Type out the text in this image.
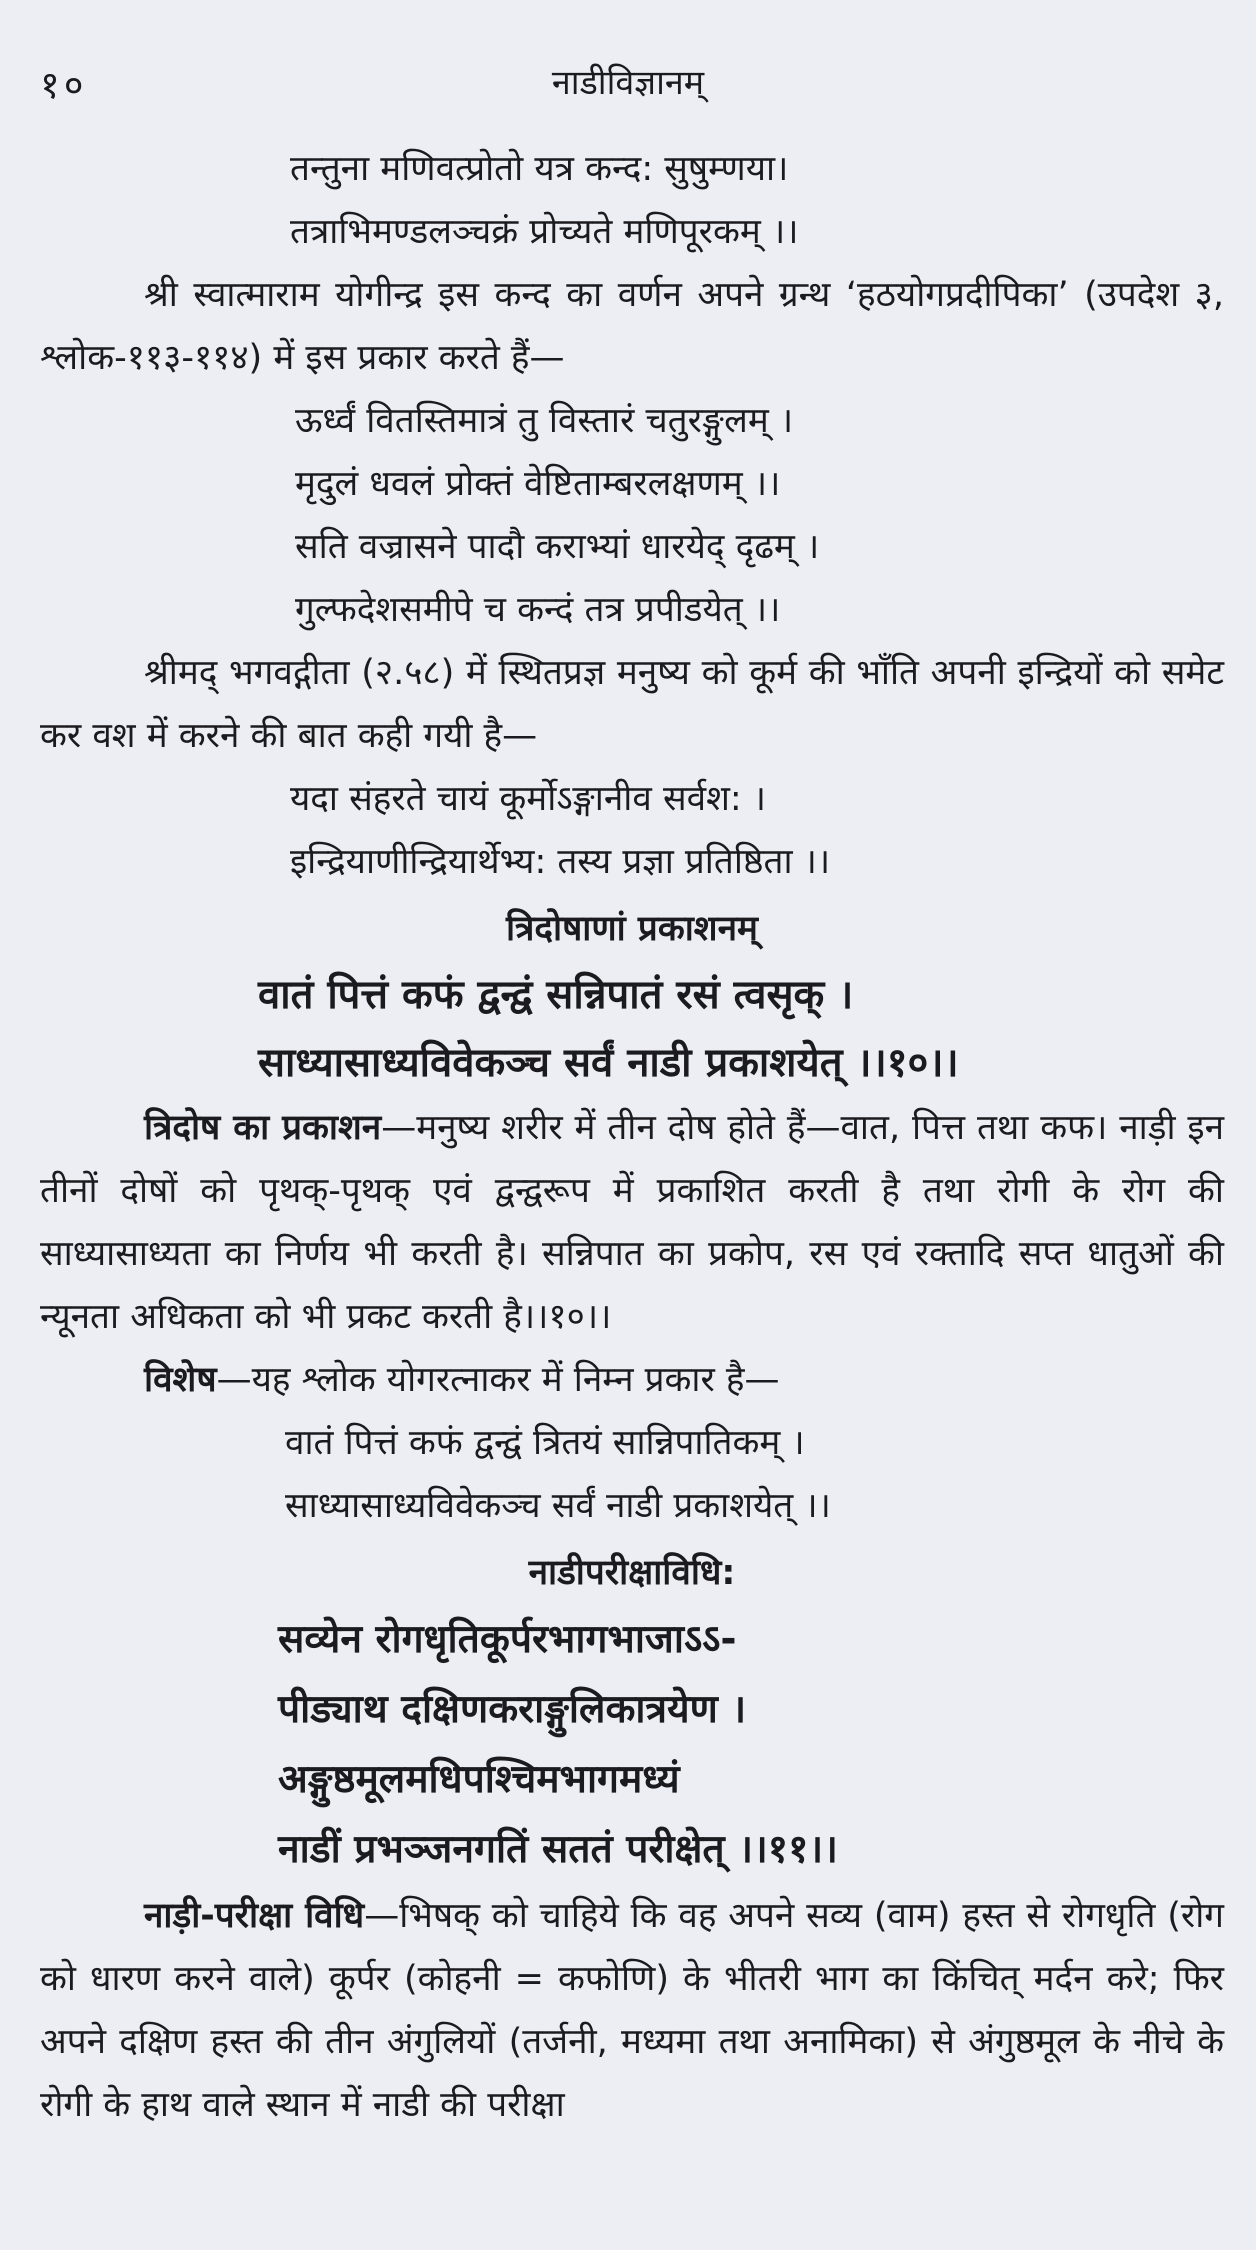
१०	नाडीविज्ञानम्
तन्तुना मणिवत्प्रोतो यत्र कन्द: सुषुम्णया।
तत्राभिमण्डलञ्चक्रं प्रोच्यते मणिपूरकम् ।।

श्री स्वात्माराम योगीन्द्र इस कन्द का वर्णन अपने ग्रन्थ ‘हठयोगप्रदीपिका’ (उपदेश ३, श्लोक-११३-११४) में इस प्रकार करते हैं—

ऊर्ध्वं वितस्तिमात्रं तु विस्तारं चतुरङ्गुलम् ।
मृदुलं धवलं प्रोक्तं वेष्टिताम्बरलक्षणम् ।।
सति वज्रासने पादौ कराभ्यां धारयेद् दृढम् ।
गुल्फदेशसमीपे च कन्दं तत्र प्रपीडयेत् ।।

श्रीमद् भगवद्गीता (२.५८) में स्थितप्रज्ञ मनुष्य को कूर्म की भाँति अपनी इन्द्रियों को समेट कर वश में करने की बात कही गयी है—

यदा संहरते चायं कूर्मोऽङ्गानीव सर्वश: ।
इन्द्रियाणीन्द्रियार्थेभ्य: तस्य प्रज्ञा प्रतिष्ठिता ।।
त्रिदोषाणां प्रकाशनम्
वातं पित्तं कफं द्वन्द्वं सन्निपातं रसं त्वसृक् ।
साध्यासाध्यविवेकञ्च सर्वं नाडी प्रकाशयेत् ।।१०।।

त्रिदोष का प्रकाशन—मनुष्य शरीर में तीन दोष होते हैं—वात, पित्त तथा कफ। नाड़ी इन तीनों दोषों को पृथक्-पृथक् एवं द्वन्द्वरूप में प्रकाशित करती है तथा रोगी के रोग की साध्यासाध्यता का निर्णय भी करती है। सन्निपात का प्रकोप, रस एवं रक्तादि सप्त धातुओं की न्यूनता अधिकता को भी प्रकट करती है।।१०।।

विशेष—यह श्लोक योगरत्नाकर में निम्न प्रकार है—

वातं पित्तं कफं द्वन्द्वं त्रितयं सान्निपातिकम् ।
साध्यासाध्यविवेकञ्च सर्वं नाडी प्रकाशयेत् ।।
नाडीपरीक्षाविधि:
सव्येन रोगधृतिकूर्परभागभाजाऽऽ-
पीड्याथ दक्षिणकराङ्गुलिकात्रयेण ।
अङ्गुष्ठमूलमधिपश्चिमभागमध्यं
नाडीं प्रभञ्जनगतिं सततं परीक्षेत् ।।११।।

नाड़ी-परीक्षा विधि—भिषक् को चाहिये कि वह अपने सव्य (वाम) हस्त से रोगधृति (रोग को धारण करने वाले) कूर्पर (कोहनी = कफोणि) के भीतरी भाग का किंचित् मर्दन करे; फिर अपने दक्षिण हस्त की तीन अंगुलियों (तर्जनी, मध्यमा तथा अनामिका) से अंगुष्ठमूल के नीचे के रोगी के हाथ वाले स्थान में नाडी की परीक्षा
